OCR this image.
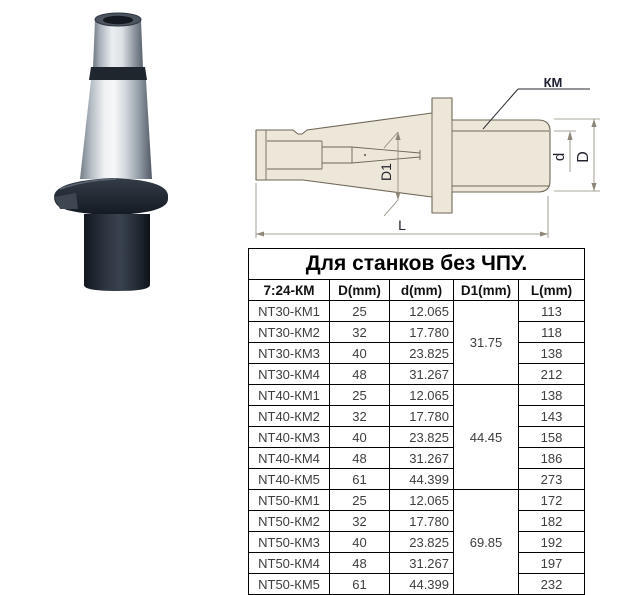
КМ
D1
d D
L
Для станков без ЧПУ.				
7:24-КМ	D(mm)	d(mm)	D1(mm)	L(mm)
NT30-КМ1	25	12.065	31.75	113
NT30-КМ2	32	17.780		118
NT30-КМ3	40	23.825		138
NT30-КМ4	48	31.267		212
NT40-КМ1	25	12.065	44.45	138
NT40-КМ2	32	17.780		143
NT40-КМ3	40	23.825		158
NT40-КМ4	48	31.267		186
NT40-КМ5	61	44.399		273
NT50-КМ1	25	12.065	69.85	172
NT50-КМ2	32	17.780		182
NT50-КМ3	40	23.825		192
NT50-КМ4	48	31.267		197
NT50-КМ5	61	44.399		232
